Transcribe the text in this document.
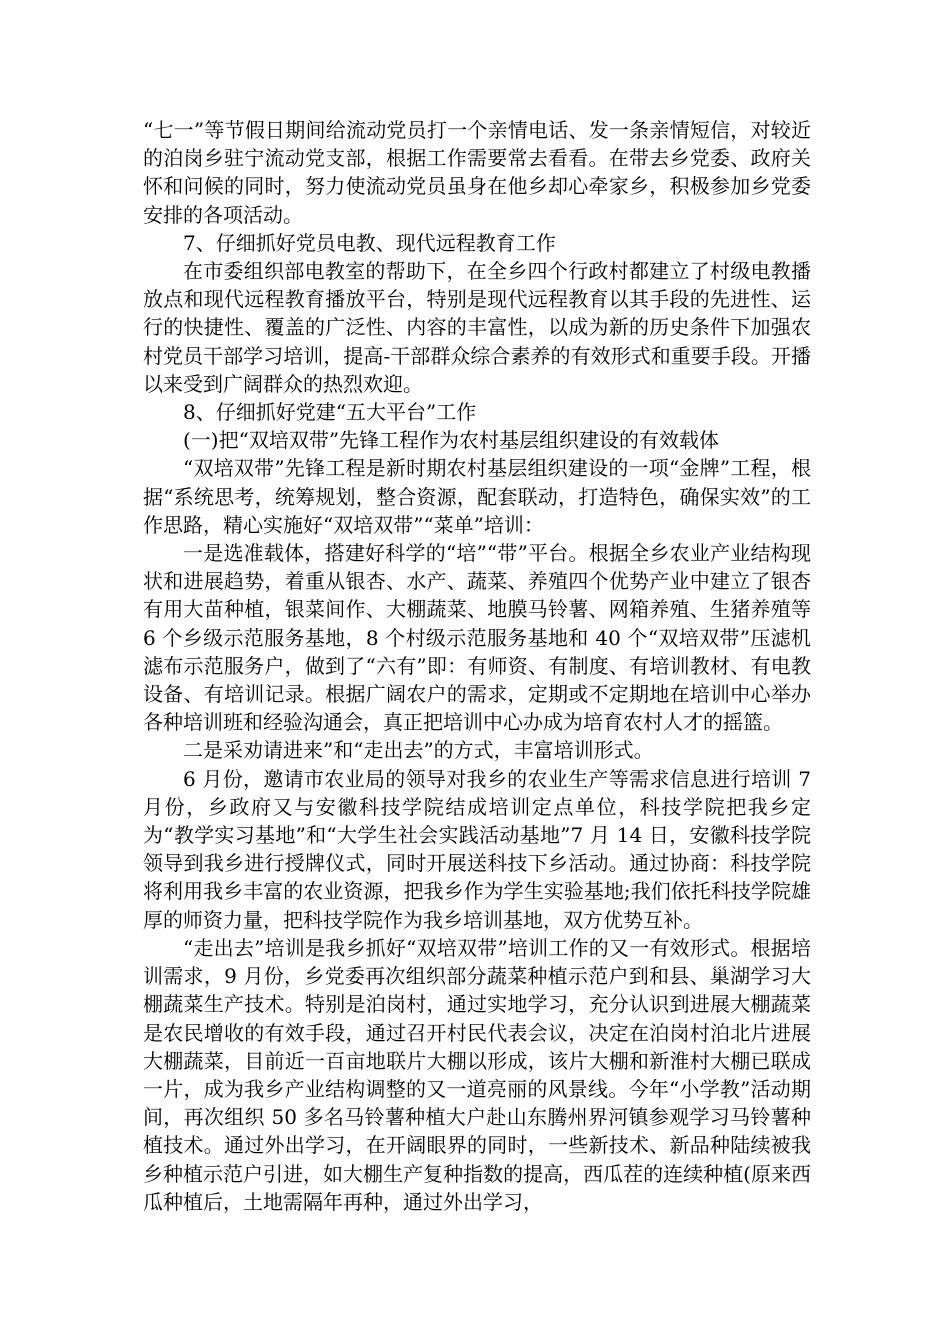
“七一”等节假日期间给流动党员打一个亲情电话、发一条亲情短信，对较近的泊岗乡驻宁流动党支部，根据工作需要常去看看。在带去乡党委、政府关怀和问候的同时，努力使流动党员虽身在他乡却心牵家乡，积极参加乡党委安排的各项活动。

7、仔细抓好党员电教、现代远程教育工作

在市委组织部电教室的帮助下，在全乡四个行政村都建立了村级电教播放点和现代远程教育播放平台，特别是现代远程教育以其手段的先进性、运行的快捷性、覆盖的广泛性、内容的丰富性，以成为新的历史条件下加强农村党员干部学习培训，提高-干部群众综合素养的有效形式和重要手段。开播以来受到广阔群众的热烈欢迎。

8、仔细抓好党建“五大平台”工作

(一)把“双培双带”先锋工程作为农村基层组织建设的有效载体

“双培双带”先锋工程是新时期农村基层组织建设的一项“金牌”工程，根据“系统思考，统筹规划，整合资源，配套联动，打造特色，确保实效”的工作思路，精心实施好“双培双带”“菜单”培训：

一是选准载体，搭建好科学的“培”“带”平台。根据全乡农业产业结构现状和进展趋势，着重从银杏、水产、蔬菜、养殖四个优势产业中建立了银杏有用大苗种植，银菜间作、大棚蔬菜、地膜马铃薯、网箱养殖、生猪养殖等 6 个乡级示范服务基地，8 个村级示范服务基地和 40 个“双培双带”压滤机滤布示范服务户，做到了“六有”即：有师资、有制度、有培训教材、有电教设备、有培训记录。根据广阔农户的需求，定期或不定期地在培训中心举办各种培训班和经验沟通会，真正把培训中心办成为培育农村人才的摇篮。

二是采劝请进来”和“走出去”的方式，丰富培训形式。

6 月份，邀请市农业局的领导对我乡的农业生产等需求信息进行培训 7 月份，乡政府又与安徽科技学院结成培训定点单位，科技学院把我乡定为“教学实习基地”和“大学生社会实践活动基地”7 月 14 日，安徽科技学院领导到我乡进行授牌仪式，同时开展送科技下乡活动。通过协商：科技学院将利用我乡丰富的农业资源，把我乡作为学生实验基地;我们依托科技学院雄厚的师资力量，把科技学院作为我乡培训基地，双方优势互补。

“走出去”培训是我乡抓好“双培双带”培训工作的又一有效形式。根据培训需求，9 月份，乡党委再次组织部分蔬菜种植示范户到和县、巢湖学习大棚蔬菜生产技术。特别是泊岗村，通过实地学习，充分认识到进展大棚蔬菜是农民增收的有效手段，通过召开村民代表会议，决定在泊岗村泊北片进展大棚蔬菜，目前近一百亩地联片大棚以形成，该片大棚和新淮村大棚已联成一片，成为我乡产业结构调整的又一道亮丽的风景线。今年“小学教”活动期间，再次组织 50 多名马铃薯种植大户赴山东腾州界河镇参观学习马铃薯种植技术。通过外出学习，在开阔眼界的同时，一些新技术、新品种陆续被我乡种植示范户引进，如大棚生产复种指数的提高，西瓜茬的连续种植(原来西瓜种植后，土地需隔年再种，通过外出学习，
